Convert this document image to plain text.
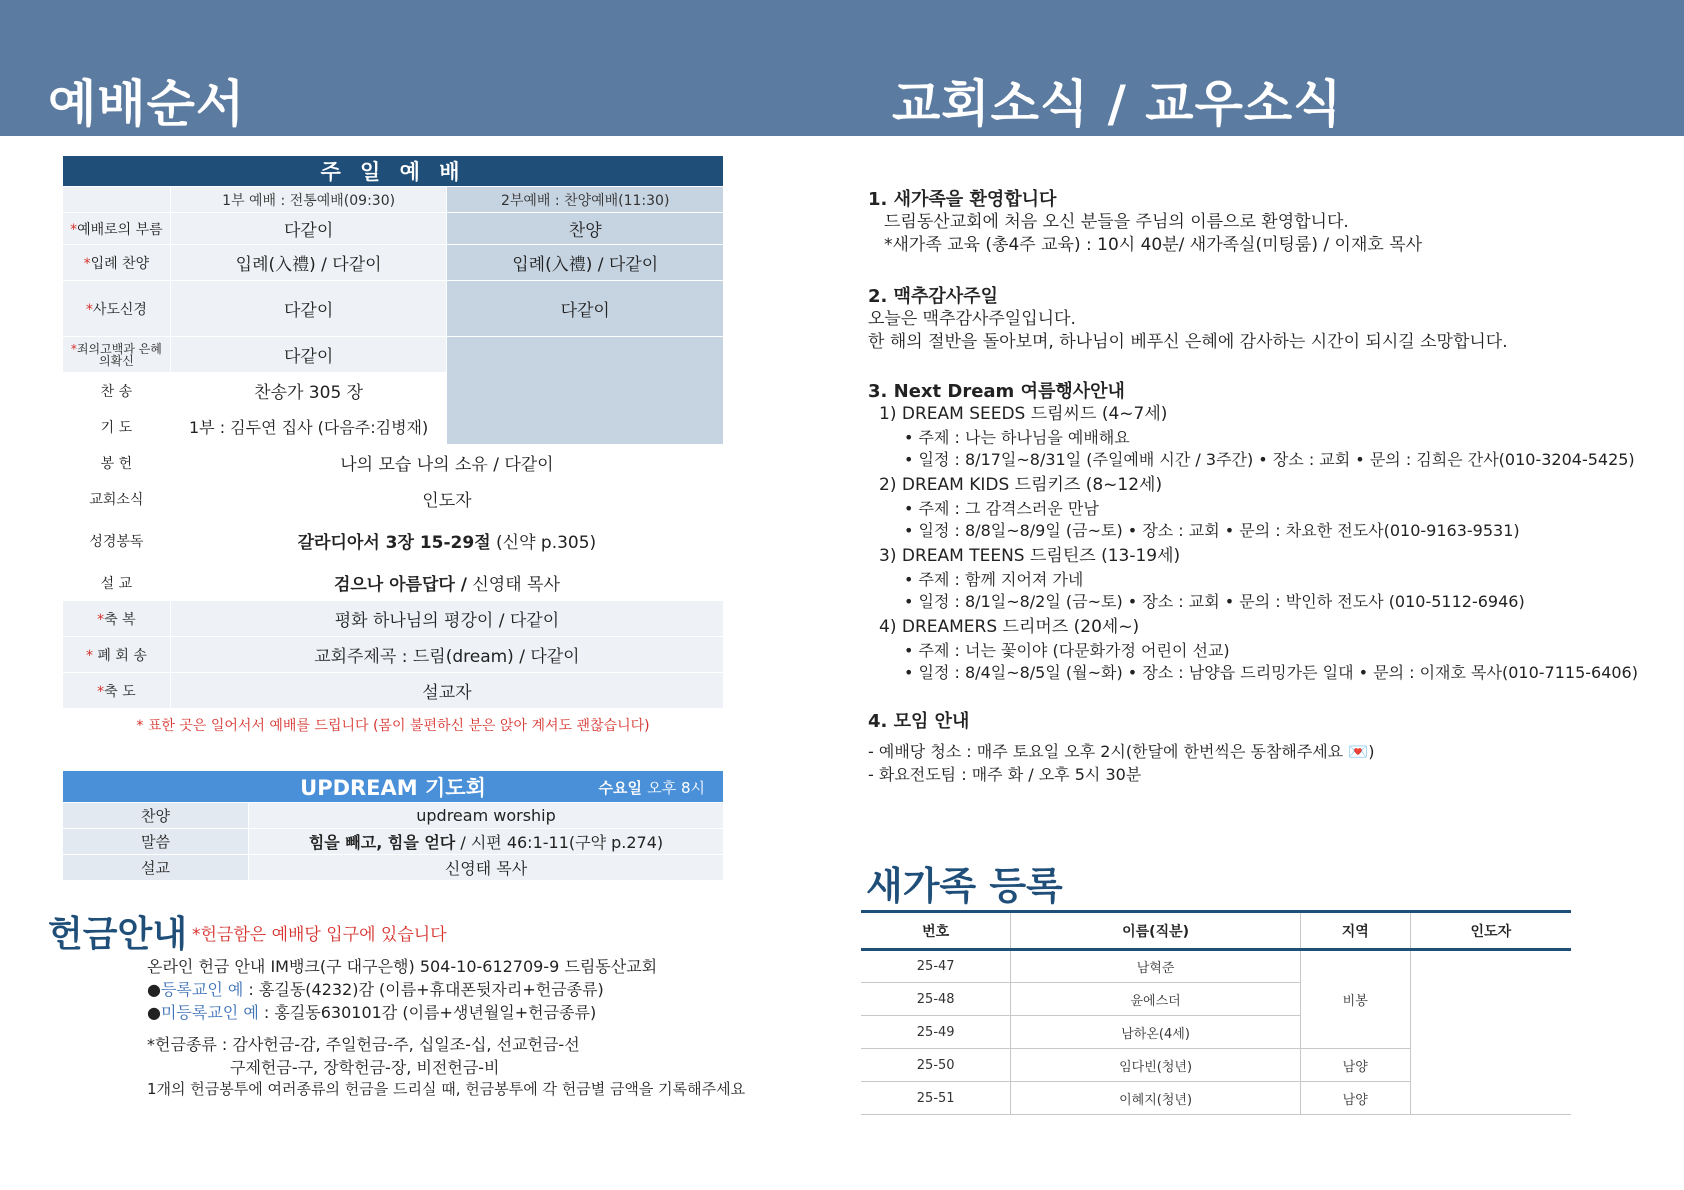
예배순서	교회소식 / 교우소식
주 일 예 배		
	1부 예배 : 전통예배(09:30)	2부예배 : 찬양예배(11:30)
*예배로의 부름	다같이	찬양
*입례 찬양	입례(入禮) / 다같이	입례(入禮) / 다같이
*사도신경	다같이	다같이
*죄의고백과 은혜의확신	다같이	
찬 송	찬송가 305 장	
기 도	1부 : 김두연 집사 (다음주:김병재)	
봉 헌	나의 모습 나의 소유 / 다같이	
교회소식	인도자	
성경봉독	갈라디아서 3장 15-29절 (신약 p.305)	
설 교	검으나 아름답다 / 신영태 목사	
*축 복	평화 하나님의 평강이 / 다같이	
* 폐 회 송	교회주제곡 : 드림(dream) / 다같이	
*축 도	설교자	
* 표한 곳은 일어서서 예배를 드립니다 (몸이 불편하신 분은 앉아 계셔도 괜찮습니다)
UPDREAM 기도회 수요일 오후 8시	

찬양	updream worship
말씀	힘을 빼고, 힘을 얻다 / 시편 46:1-11(구약 p.274)
설교	신영태 목사
헌금안내 *헌금함은 예배당 입구에 있습니다
온라인 헌금 안내 IM뱅크(구 대구은행) 504-10-612709-9 드림동산교회
●등록교인 예 : 홍길동(4232)감 (이름+휴대폰뒷자리+헌금종류)
●미등록교인 예 : 홍길동630101감 (이름+생년월일+헌금종류)
*헌금종류 : 감사헌금-감, 주일헌금-주, 십일조-십, 선교헌금-선
구제헌금-구, 장학헌금-장, 비전헌금-비
1개의 헌금봉투에 여러종류의 헌금을 드리실 때, 헌금봉투에 각 헌금별 금액을 기록해주세요
1. 새가족을 환영합니다
드림동산교회에 처음 오신 분들을 주님의 이름으로 환영합니다.
*새가족 교육 (총4주 교육) : 10시 40분/ 새가족실(미팅룸) / 이재호 목사
2. 맥추감사주일
오늘은 맥추감사주일입니다.
한 해의 절반을 돌아보며, 하나님이 베푸신 은혜에 감사하는 시간이 되시길 소망합니다.
3. Next Dream 여름행사안내
1) DREAM SEEDS 드림씨드 (4~7세)
• 주제 : 나는 하나님을 예배해요
• 일정 : 8/17일~8/31일 (주일예배 시간 / 3주간) • 장소 : 교회 • 문의 : 김희은 간사(010-3204-5425)
2) DREAM KIDS 드림키즈 (8~12세)
• 주제 : 그 감격스러운 만남
• 일정 : 8/8일~8/9일 (금~토) • 장소 : 교회 • 문의 : 차요한 전도사(010-9163-9531)
3) DREAM TEENS 드림틴즈 (13-19세)
• 주제 : 함께 지어져 가네
• 일정 : 8/1일~8/2일 (금~토) • 장소 : 교회 • 문의 : 박인하 전도사 (010-5112-6946)
4) DREAMERS 드리머즈 (20세~)
• 주제 : 너는 꽃이야 (다문화가정 어린이 선교)
• 일정 : 8/4일~8/5일 (월~화) • 장소 : 남양읍 드리밍가든 일대 • 문의 : 이재호 목사(010-7115-6406)
4. 모임 안내
- 예배당 청소 : 매주 토요일 오후 2시(한달에 한번씩은 동참해주세요 💌)
- 화요전도팀 : 매주 화 / 오후 5시 30분
새가족 등록
번호	이름(직분)	지역	인도자
25-47	남혁준	비봉	
25-48	윤에스더		
25-49	남하온(4세)		
25-50	임다빈(청년)	남양	
25-51	이혜지(청년)	남양	
